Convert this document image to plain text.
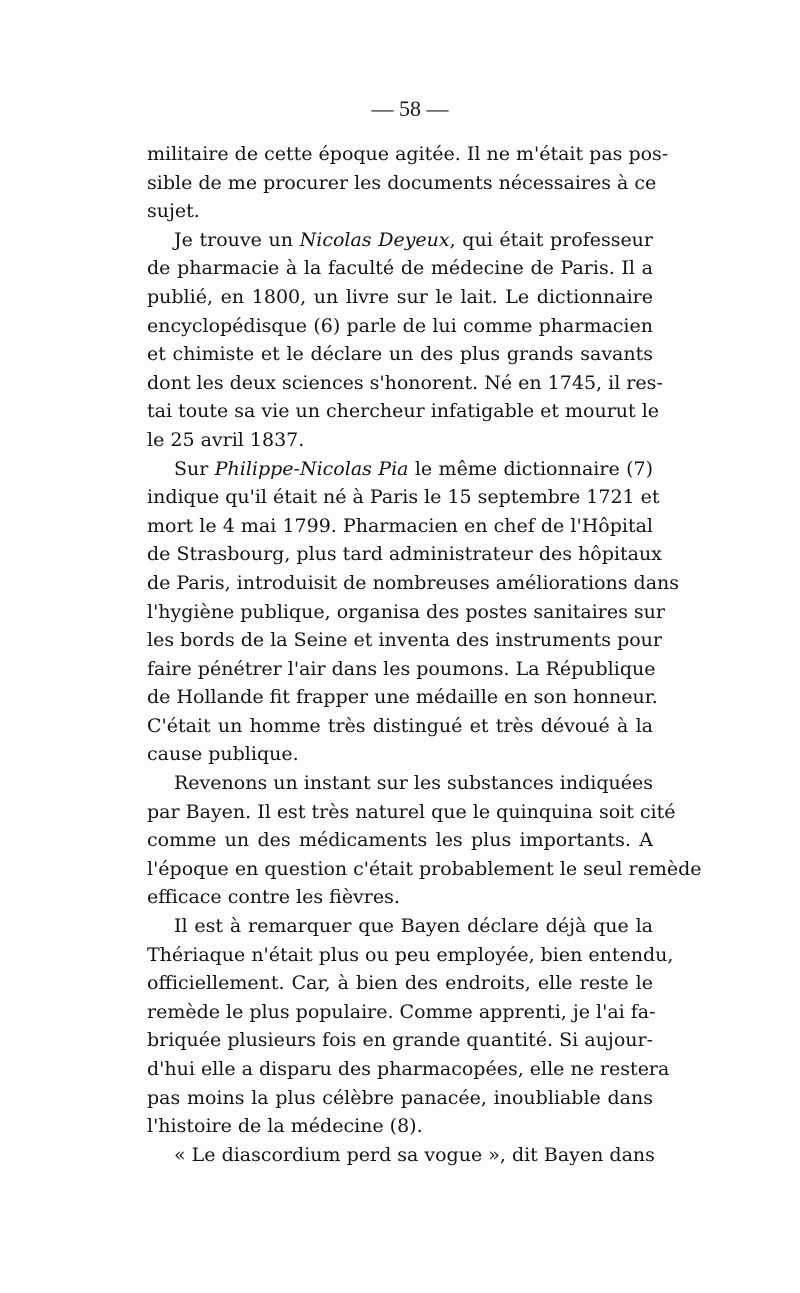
— 58 —
militaire de cette époque agitée. Il ne m'était pas pos-
sible de me procurer les documents nécessaires à ce
sujet.
Je trouve un Nicolas Deyeux, qui était professeur
de pharmacie à la faculté de médecine de Paris. Il a
publié, en 1800, un livre sur le lait. Le dictionnaire
encyclopédisque (6) parle de lui comme pharmacien
et chimiste et le déclare un des plus grands savants
dont les deux sciences s'honorent. Né en 1745, il res-
tai toute sa vie un chercheur infatigable et mourut le
le 25 avril 1837.
Sur Philippe-Nicolas Pia le même dictionnaire (7)
indique qu'il était né à Paris le 15 septembre 1721 et
mort le 4 mai 1799. Pharmacien en chef de l'Hôpital
de Strasbourg, plus tard administrateur des hôpitaux
de Paris, introduisit de nombreuses améliorations dans
l'hygiène publique, organisa des postes sanitaires sur
les bords de la Seine et inventa des instruments pour
faire pénétrer l'air dans les poumons. La République
de Hollande fit frapper une médaille en son honneur.
C'était un homme très distingué et très dévoué à la
cause publique.
Revenons un instant sur les substances indiquées
par Bayen. Il est très naturel que le quinquina soit cité
comme un des médicaments les plus importants. A
l'époque en question c'était probablement le seul remède
efficace contre les fièvres.
Il est à remarquer que Bayen déclare déjà que la
Thériaque n'était plus ou peu employée, bien entendu,
officiellement. Car, à bien des endroits, elle reste le
remède le plus populaire. Comme apprenti, je l'ai fa-
briquée plusieurs fois en grande quantité. Si aujour-
d'hui elle a disparu des pharmacopées, elle ne restera
pas moins la plus célèbre panacée, inoubliable dans
l'histoire de la médecine (8).
« Le diascordium perd sa vogue », dit Bayen dans
